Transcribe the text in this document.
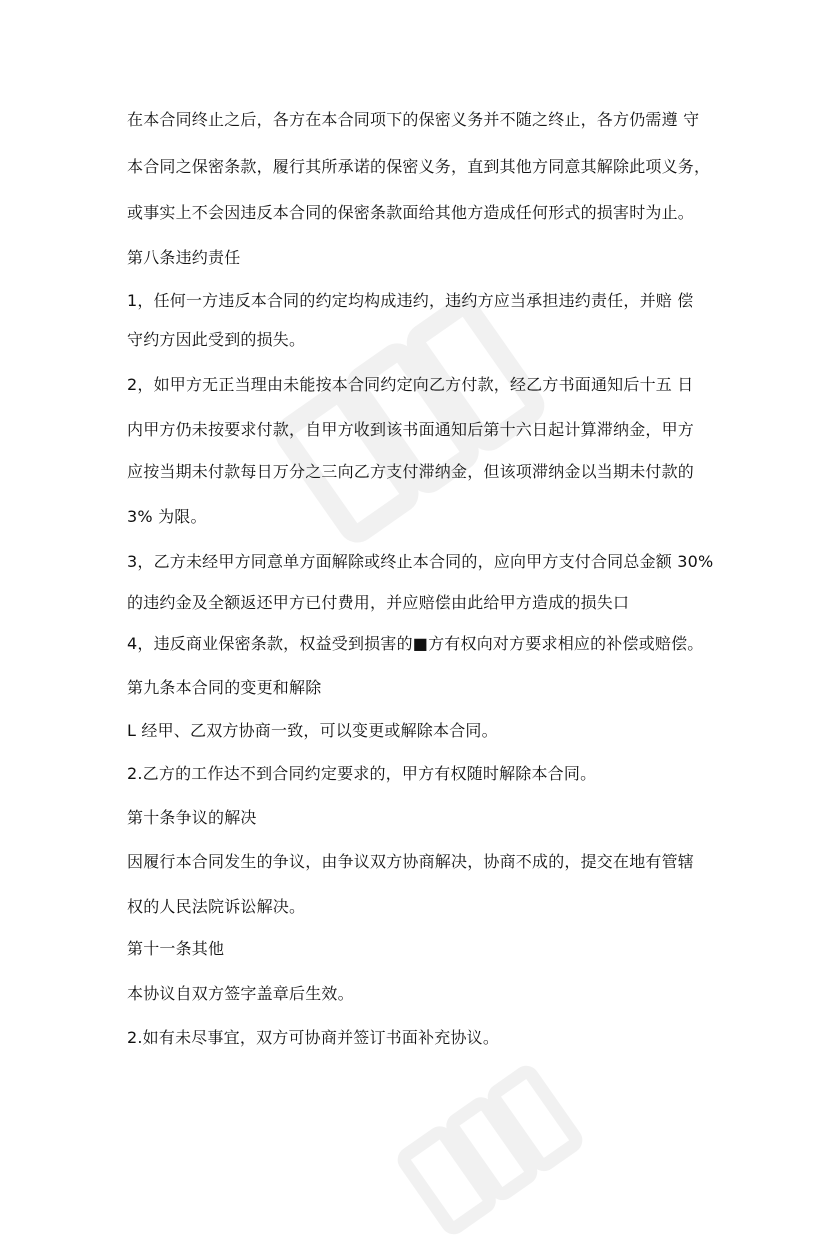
在本合同终止之后，各方在本合同项下的保密义务并不随之终止，各方仍需遵 守
本合同之保密条款，履行其所承诺的保密义务，直到其他方同意其解除此项义务，
或事实上不会因违反本合同的保密条款面给其他方造成任何形式的损害时为止。
第八条违约责任
1，任何一方违反本合同的约定均构成违约，违约方应当承担违约责任，并赔 偿
守约方因此受到的损失。
2，如甲方无正当理由未能按本合同约定向乙方付款，经乙方书面通知后十五 日
内甲方仍未按要求付款，自甲方收到该书面通知后第十六日起计算滞纳金，甲方
应按当期未付款每日万分之三向乙方支付滞纳金，但该项滞纳金以当期未付款的
3% 为限。
3，乙方未经甲方同意单方面解除或终止本合同的，应向甲方支付合同总金额 30%
的违约金及全额返还甲方已付费用，并应赔偿由此给甲方造成的损失口
4，违反商业保密条款，权益受到损害的■方有权向对方要求相应的补偿或赔偿。
第九条本合同的变更和解除
L 经甲、乙双方协商一致，可以变更或解除本合同。
2.乙方的工作达不到合同约定要求的，甲方有权随时解除本合同。
第十条争议的解决
因履行本合同发生的争议，由争议双方协商解决，协商不成的，提交在地有管辖
权的人民法院诉讼解决。
第十一条其他
本协议自双方签字盖章后生效。
2.如有未尽事宜，双方可协商并签订书面补充协议。
